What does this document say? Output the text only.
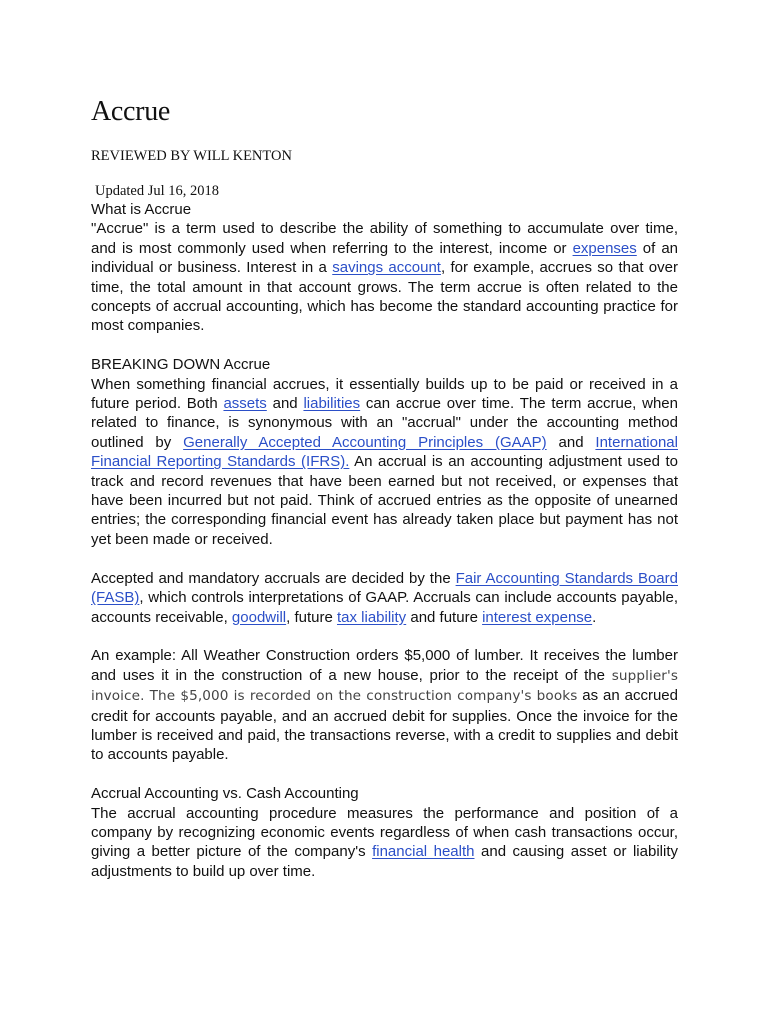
Accrue
REVIEWED BY WILL KENTON
Updated Jul 16, 2018
What is Accrue

"Accrue" is a term used to describe the ability of something to accumulate over time, and is most commonly used when referring to the interest, income or expenses of an individual or business. Interest in a savings account, for example, accrues so that over time, the total amount in that account grows. The term accrue is often related to the concepts of accrual accounting, which has become the standard accounting practice for most companies.

BREAKING DOWN Accrue

When something financial accrues, it essentially builds up to be paid or received in a future period. Both assets and liabilities can accrue over time. The term accrue, when related to finance, is synonymous with an "accrual" under the accounting method outlined by Generally Accepted Accounting Principles (GAAP) and International Financial Reporting Standards (IFRS). An accrual is an accounting adjustment used to track and record revenues that have been earned but not received, or expenses that have been incurred but not paid. Think of accrued entries as the opposite of unearned entries; the corresponding financial event has already taken place but payment has not yet been made or received.

Accepted and mandatory accruals are decided by the Fair Accounting Standards Board (FASB), which controls interpretations of GAAP. Accruals can include accounts payable, accounts receivable, goodwill, future tax liability and future interest expense.

An example: All Weather Construction orders $5,000 of lumber. It receives the lumber and uses it in the construction of a new house, prior to the receipt of the supplier's invoice. The $5,000 is recorded on the construction company's books as an accrued credit for accounts payable, and an accrued debit for supplies. Once the invoice for the lumber is received and paid, the transactions reverse, with a credit to supplies and debit to accounts payable.

Accrual Accounting vs. Cash Accounting

The accrual accounting procedure measures the performance and position of a company by recognizing economic events regardless of when cash transactions occur, giving a better picture of the company's financial health and causing asset or liability adjustments to build up over time.
